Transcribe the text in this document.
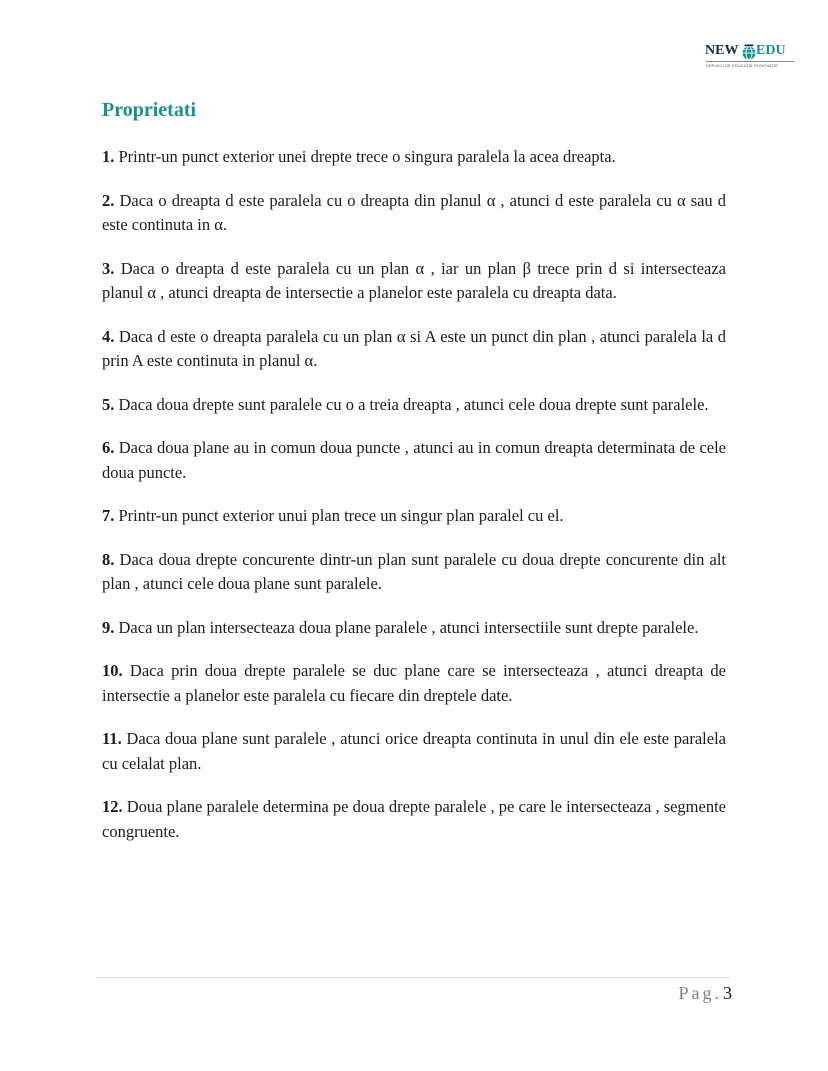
NEW EDU
SERVICII DE EDUCATIE SI INOVATIE
Proprietati

1. Printr-un punct exterior unei drepte trece o singura paralela la acea dreapta.

2. Daca o dreapta d este paralela cu o dreapta din planul α , atunci d este paralela cu α sau d este continuta in α.

3. Daca o dreapta d este paralela cu un plan α , iar un plan β trece prin d si intersecteaza planul α , atunci dreapta de intersectie a planelor este paralela cu dreapta data.

4. Daca d este o dreapta paralela cu un plan α si A este un punct din plan , atunci paralela la d prin A este continuta in planul α.

5. Daca doua drepte sunt paralele cu o a treia dreapta , atunci cele doua drepte sunt paralele.

6. Daca doua plane au in comun doua puncte , atunci au in comun dreapta determinata de cele doua puncte.

7. Printr-un punct exterior unui plan trece un singur plan paralel cu el.

8. Daca doua drepte concurente dintr-un plan sunt paralele cu doua drepte concurente din alt plan , atunci cele doua plane sunt paralele.

9. Daca un plan intersecteaza doua plane paralele , atunci intersectiile sunt drepte paralele.

10. Daca prin doua drepte paralele se duc plane care se intersecteaza , atunci dreapta de intersectie a planelor este paralela cu fiecare din dreptele date.

11. Daca doua plane sunt paralele , atunci orice dreapta continuta in unul din ele este paralela cu celalat plan.

12. Doua plane paralele determina pe doua drepte paralele , pe care le intersecteaza , segmente congruente.

Pag. 3
